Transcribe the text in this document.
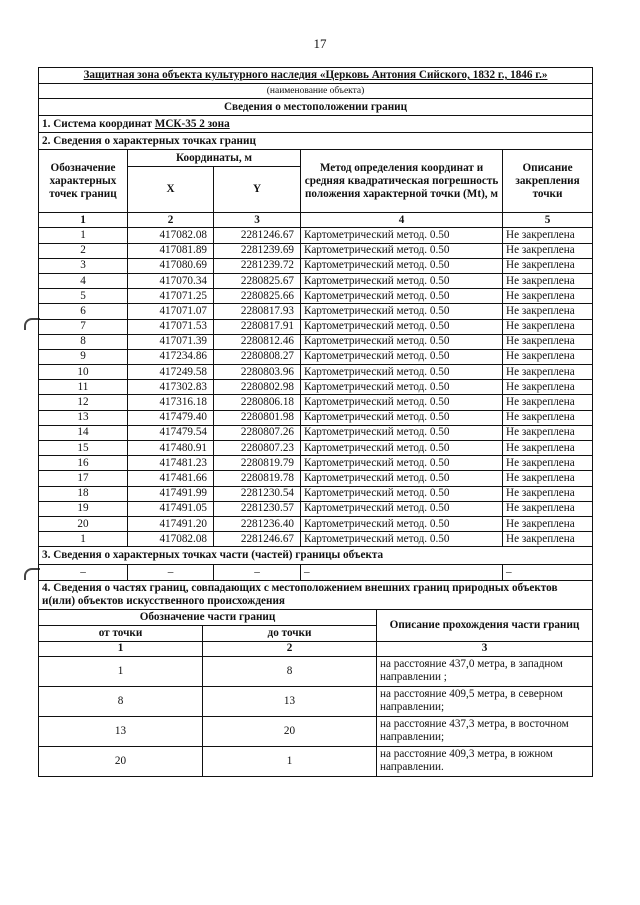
17
Защитная зона объекта культурного наследия «Церковь Антония Сийского, 1832 г., 1846 г.»				
(наименование объекта)				
Сведения о местоположении границ				
1. Система координат МСК-35 2 зона				
2. Сведения о характерных точках границ				
Обозначение характерных точек границ	Координаты, м		Метод определения координат и средняя квадратическая погрешность положения характерной точки (Mt), м	Описание закрепления точки
	X	Y		
1	2	3	4	5
1	417082.08	2281246.67	Картометрический метод. 0.50	Не закреплена
2	417081.89	2281239.69	Картометрический метод. 0.50	Не закреплена
3	417080.69	2281239.72	Картометрический метод. 0.50	Не закреплена
4	417070.34	2280825.67	Картометрический метод. 0.50	Не закреплена
5	417071.25	2280825.66	Картометрический метод. 0.50	Не закреплена
6	417071.07	2280817.93	Картометрический метод. 0.50	Не закреплена
7	417071.53	2280817.91	Картометрический метод. 0.50	Не закреплена
8	417071.39	2280812.46	Картометрический метод. 0.50	Не закреплена
9	417234.86	2280808.27	Картометрический метод. 0.50	Не закреплена
10	417249.58	2280803.96	Картометрический метод. 0.50	Не закреплена
11	417302.83	2280802.98	Картометрический метод. 0.50	Не закреплена
12	417316.18	2280806.18	Картометрический метод. 0.50	Не закреплена
13	417479.40	2280801.98	Картометрический метод. 0.50	Не закреплена
14	417479.54	2280807.26	Картометрический метод. 0.50	Не закреплена
15	417480.91	2280807.23	Картометрический метод. 0.50	Не закреплена
16	417481.23	2280819.79	Картометрический метод. 0.50	Не закреплена
17	417481.66	2280819.78	Картометрический метод. 0.50	Не закреплена
18	417491.99	2281230.54	Картометрический метод. 0.50	Не закреплена
19	417491.05	2281230.57	Картометрический метод. 0.50	Не закреплена
20	417491.20	2281236.40	Картометрический метод. 0.50	Не закреплена
1	417082.08	2281246.67	Картометрический метод. 0.50	Не закреплена
3. Сведения о характерных точках части (частей) границы объекта				
–	–	–	–	–
4. Сведения о частях границ, совпадающих с местоположением внешних границ природных объектов и(или) объектов искусственного происхождения		
Обозначение части границ		Описание прохождения части границ
от точки	до точки	
1	2	3
1	8	на расстояние 437,0 метра, в западном направлении ;
8	13	на расстояние 409,5 метра, в северном направлении;
13	20	на расстояние 437,3 метра, в восточном направлении;
20	1	на расстояние 409,3 метра, в южном направлении.
